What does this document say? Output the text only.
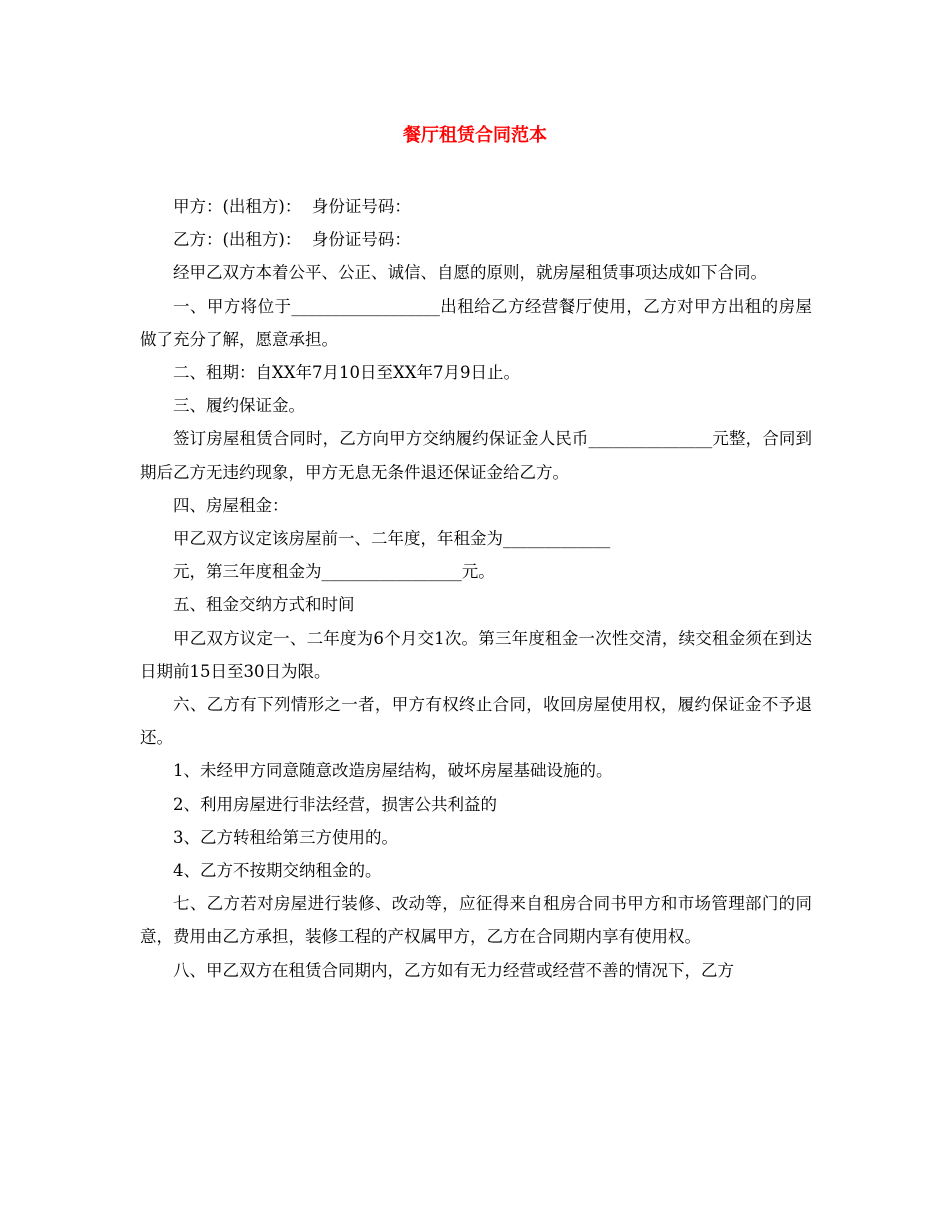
餐厅租赁合同范本

甲方：(出租方)：  身份证号码：

乙方：(出租方)：  身份证号码：

经甲乙双方本着公平、公正、诚信、自愿的原则，就房屋租赁事项达成如下合同。

一、甲方将位于__________________出租给乙方经营餐厅使用，乙方对甲方出租的房屋做了充分了解，愿意承担。

二、租期：自XX年7月10日至XX年7月9日止。

三、履约保证金。

签订房屋租赁合同时，乙方向甲方交纳履约保证金人民币_______________元整，合同到期后乙方无违约现象，甲方无息无条件退还保证金给乙方。

四、房屋租金：

甲乙双方议定该房屋前一、二年度，年租金为_____________

元，第三年度租金为_________________元。

五、租金交纳方式和时间

甲乙双方议定一、二年度为6个月交1次。第三年度租金一次性交清，续交租金须在到达日期前15日至30日为限。

六、乙方有下列情形之一者，甲方有权终止合同，收回房屋使用权，履约保证金不予退还。

1、未经甲方同意随意改造房屋结构，破坏房屋基础设施的。

2、利用房屋进行非法经营，损害公共利益的

3、乙方转租给第三方使用的。

4、乙方不按期交纳租金的。

七、乙方若对房屋进行装修、改动等，应征得来自租房合同书甲方和市场管理部门的同意，费用由乙方承担，装修工程的产权属甲方，乙方在合同期内享有使用权。

八、甲乙双方在租赁合同期内，乙方如有无力经营或经营不善的情况下，乙方
